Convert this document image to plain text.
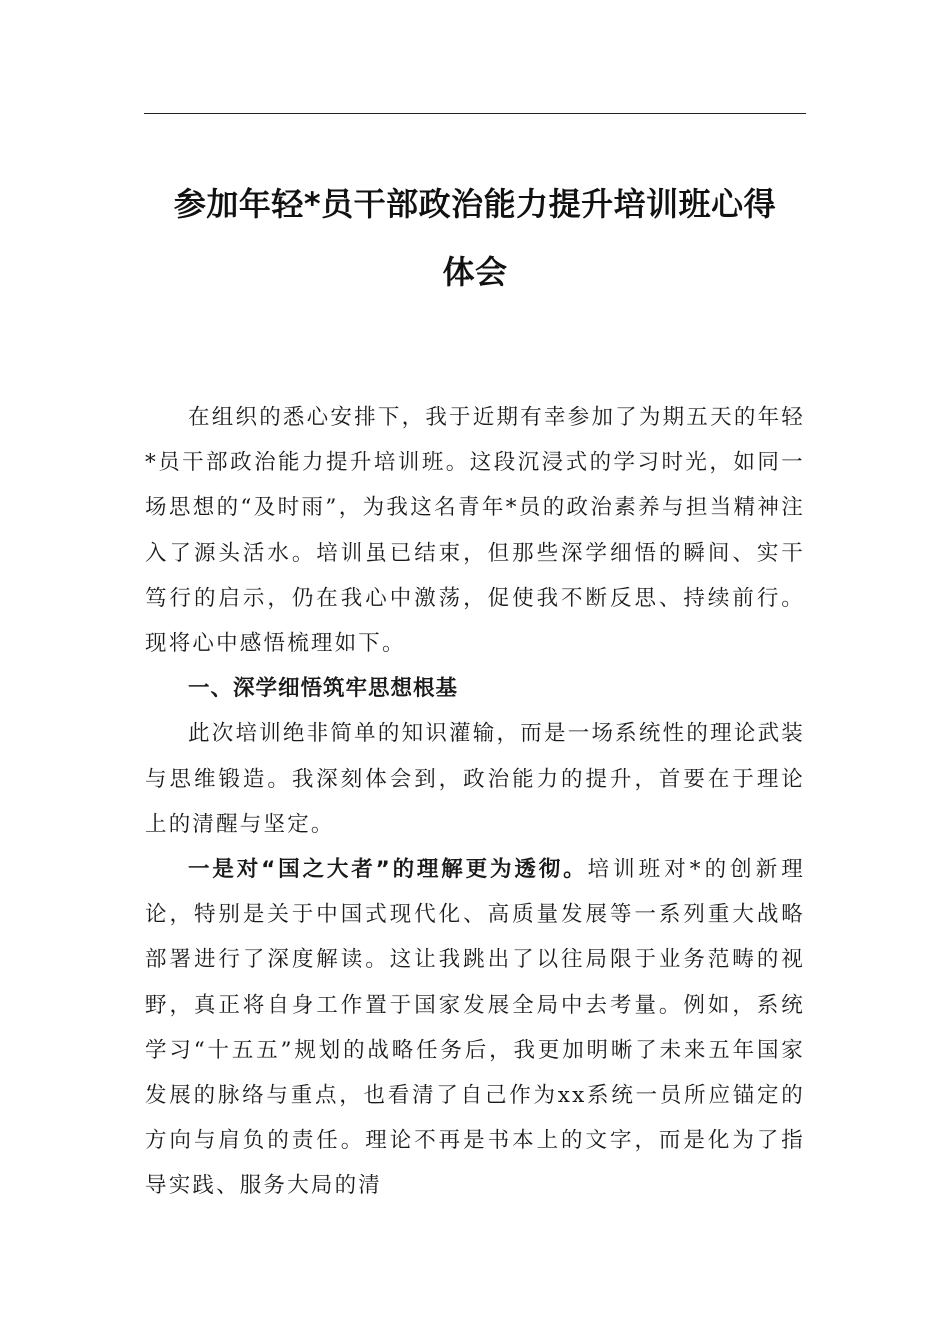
参加年轻*员干部政治能力提升培训班心得
体会

在组织的悉心安排下，我于近期有幸参加了为期五天的年轻*员干部政治能力提升培训班。这段沉浸式的学习时光，如同一场思想的“及时雨”，为我这名青年*员的政治素养与担当精神注入了源头活水。培训虽已结束，但那些深学细悟的瞬间、实干笃行的启示，仍在我心中激荡，促使我不断反思、持续前行。现将心中感悟梳理如下。

一、深学细悟筑牢思想根基

此次培训绝非简单的知识灌输，而是一场系统性的理论武装与思维锻造。我深刻体会到，政治能力的提升，首要在于理论上的清醒与坚定。

一是对“国之大者”的理解更为透彻。培训班对*的创新理论，特别是关于中国式现代化、高质量发展等一系列重大战略部署进行了深度解读。这让我跳出了以往局限于业务范畴的视野，真正将自身工作置于国家发展全局中去考量。例如，系统学习“十五五”规划的战略任务后，我更加明晰了未来五年国家发展的脉络与重点，也看清了自己作为xx系统一员所应锚定的方向与肩负的责任。理论不再是书本上的文字，而是化为了指导实践、服务大局的清
